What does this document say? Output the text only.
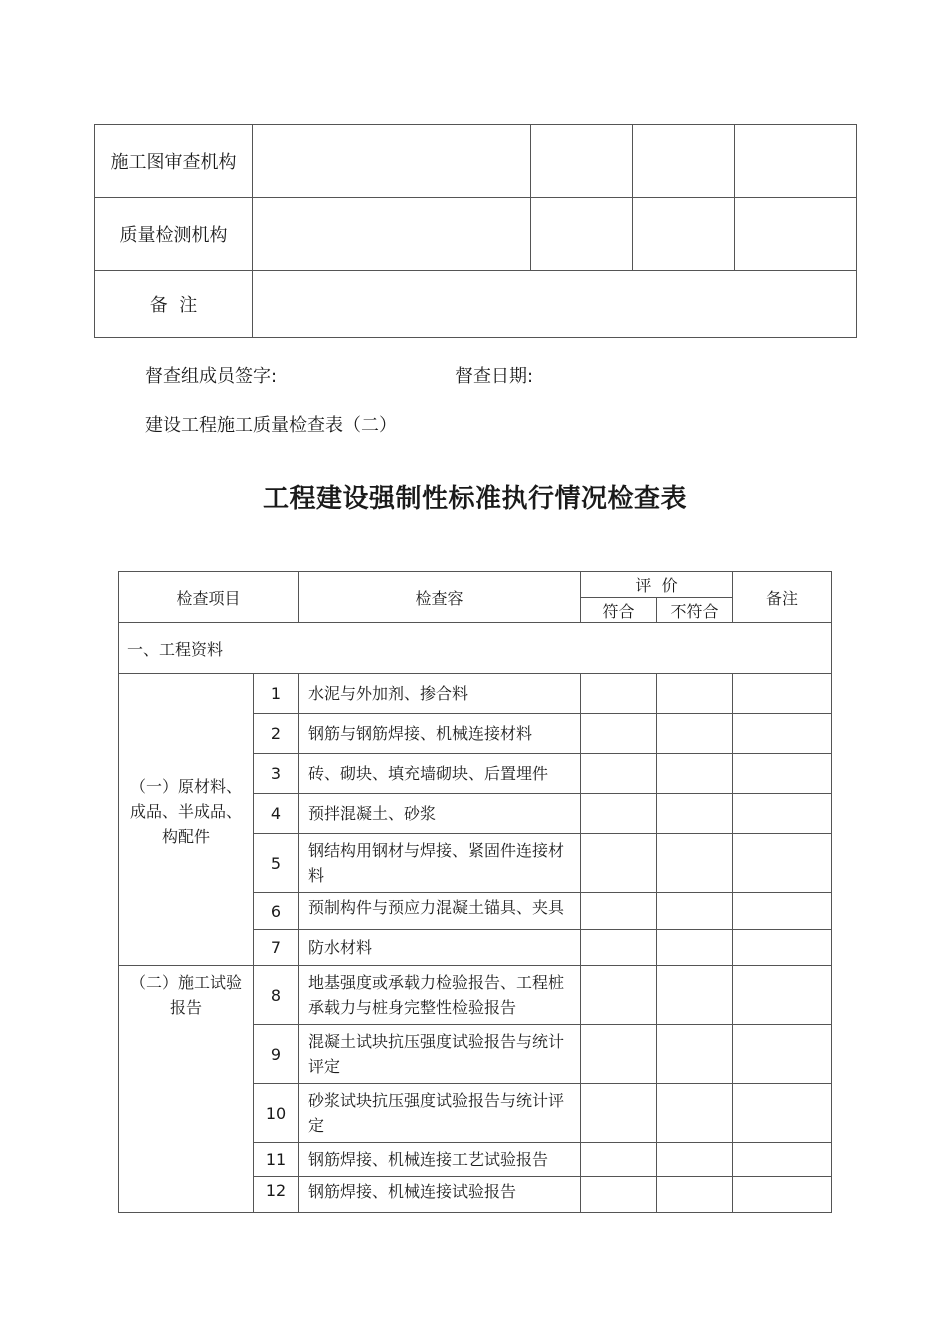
施工图审查机构				
质量检测机构				
备  注				
督查组成员签字:	督查日期:
建设工程施工质量检查表（二）
工程建设强制性标准执行情况检查表
检查项目		检查容	评  价		备注
			符合	不符合	
一、工程资料					
（一）原材料、成品、半成品、构配件	1	水泥与外加剂、掺合料			
	2	钢筋与钢筋焊接、机械连接材料			
	3	砖、砌块、填充墙砌块、后置埋件			
	4	预拌混凝土、砂浆			
	5	钢结构用钢材与焊接、紧固件连接材料			
	6	预制构件与预应力混凝土锚具、夹具			

	7	防水材料			
（二）施工试验报告	8	地基强度或承载力检验报告、工程桩承载力与桩身完整性检验报告			
	9	混凝土试块抗压强度试验报告与统计评定			
	10	砂浆试块抗压强度试验报告与统计评定			
	11	钢筋焊接、机械连接工艺试验报告			
	12	钢筋焊接、机械连接试验报告			
